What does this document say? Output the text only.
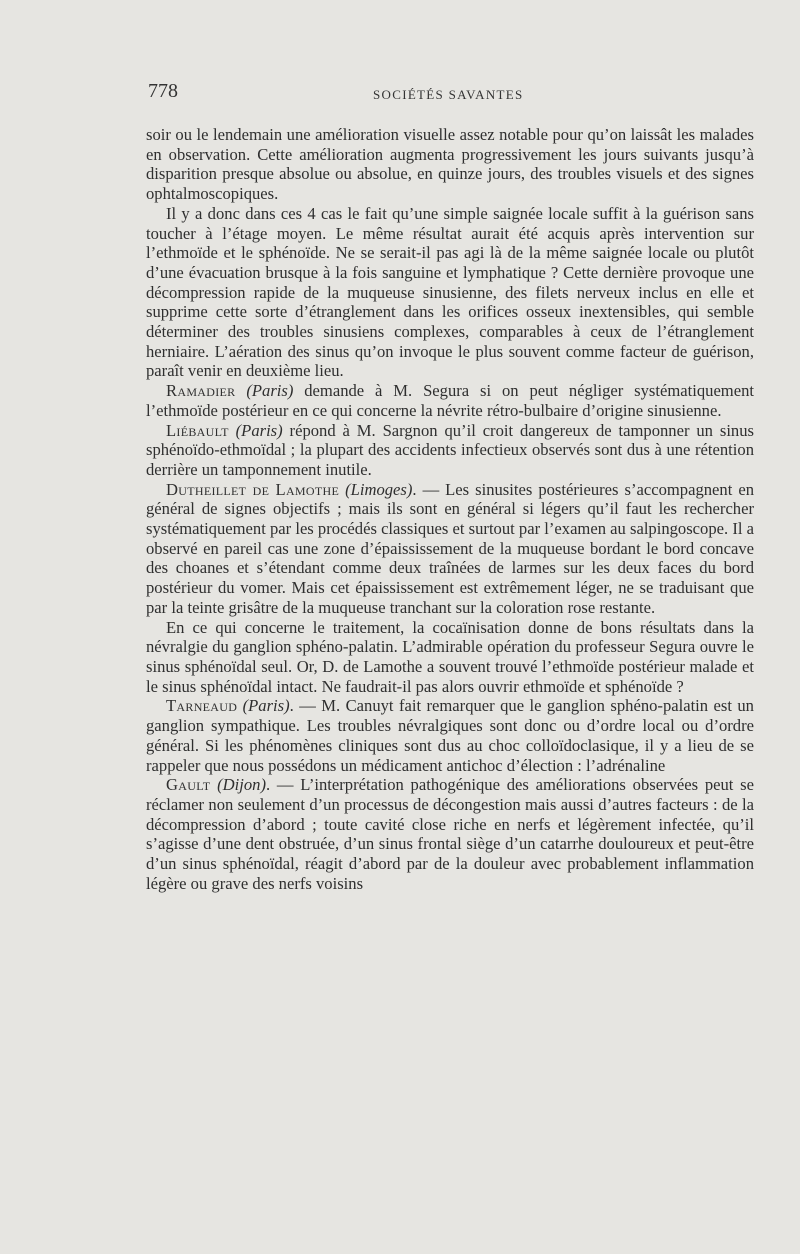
778	SOCIÉTÉS SAVANTES

soir ou le lendemain une amélioration visuelle assez notable pour qu’on laissât les malades en observation. Cette amélioration augmenta progressivement les jours suivants jusqu’à disparition presque absolue ou absolue, en quinze jours, des troubles visuels et des signes ophtalmoscopiques.

Il y a donc dans ces 4 cas le fait qu’une simple saignée locale suffit à la guérison sans toucher à l’étage moyen. Le même résultat aurait été acquis après intervention sur l’ethmoïde et le sphénoïde. Ne se serait-il pas agi là de la même saignée locale ou plutôt d’une évacuation brusque à la fois sanguine et lymphatique ? Cette dernière provoque une décompression rapide de la muqueuse sinusienne, des filets nerveux inclus en elle et supprime cette sorte d’étranglement dans les orifices osseux inextensibles, qui semble déterminer des troubles sinusiens complexes, comparables à ceux de l’étranglement herniaire. L’aération des sinus qu’on invoque le plus souvent comme facteur de guérison, paraît venir en deuxième lieu.

Ramadier (Paris) demande à M. Segura si on peut négliger systématiquement l’ethmoïde postérieur en ce qui concerne la névrite rétro-bulbaire d’origine sinusienne.

Liébault (Paris) répond à M. Sargnon qu’il croit dangereux de tamponner un sinus sphénoïdo-ethmoïdal ; la plupart des accidents infectieux observés sont dus à une rétention derrière un tamponnement inutile.

Dutheillet de Lamothe (Limoges). — Les sinusites postérieures s’accompagnent en général de signes objectifs ; mais ils sont en général si légers qu’il faut les rechercher systématiquement par les procédés classiques et surtout par l’examen au salpingoscope. Il a observé en pareil cas une zone d’épaississement de la muqueuse bordant le bord concave des choanes et s’étendant comme deux traînées de larmes sur les deux faces du bord postérieur du vomer. Mais cet épaississement est extrêmement léger, ne se traduisant que par la teinte grisâtre de la muqueuse tranchant sur la coloration rose restante.

En ce qui concerne le traitement, la cocaïnisation donne de bons résultats dans la névralgie du ganglion sphéno-palatin. L’admirable opération du professeur Segura ouvre le sinus sphénoïdal seul. Or, D. de Lamothe a souvent trouvé l’ethmoïde postérieur malade et le sinus sphénoïdal intact. Ne faudrait-il pas alors ouvrir ethmoïde et sphénoïde ?

Tarneaud (Paris). — M. Canuyt fait remarquer que le ganglion sphéno-palatin est un ganglion sympathique. Les troubles névralgiques sont donc ou d’ordre local ou d’ordre général. Si les phénomènes cliniques sont dus au choc colloïdoclasique, il y a lieu de se rappeler que nous possédons un médicament antichoc d’élection : l’adrénaline

Gault (Dijon). — L’interprétation pathogénique des améliorations observées peut se réclamer non seulement d’un processus de décongestion mais aussi d’autres facteurs : de la décompression d’abord ; toute cavité close riche en nerfs et légèrement infectée, qu’il s’agisse d’une dent obstruée, d’un sinus frontal siège d’un catarrhe douloureux et peut-être d’un sinus sphénoïdal, réagit d’abord par de la douleur avec probablement inflammation légère ou grave des nerfs voisins
